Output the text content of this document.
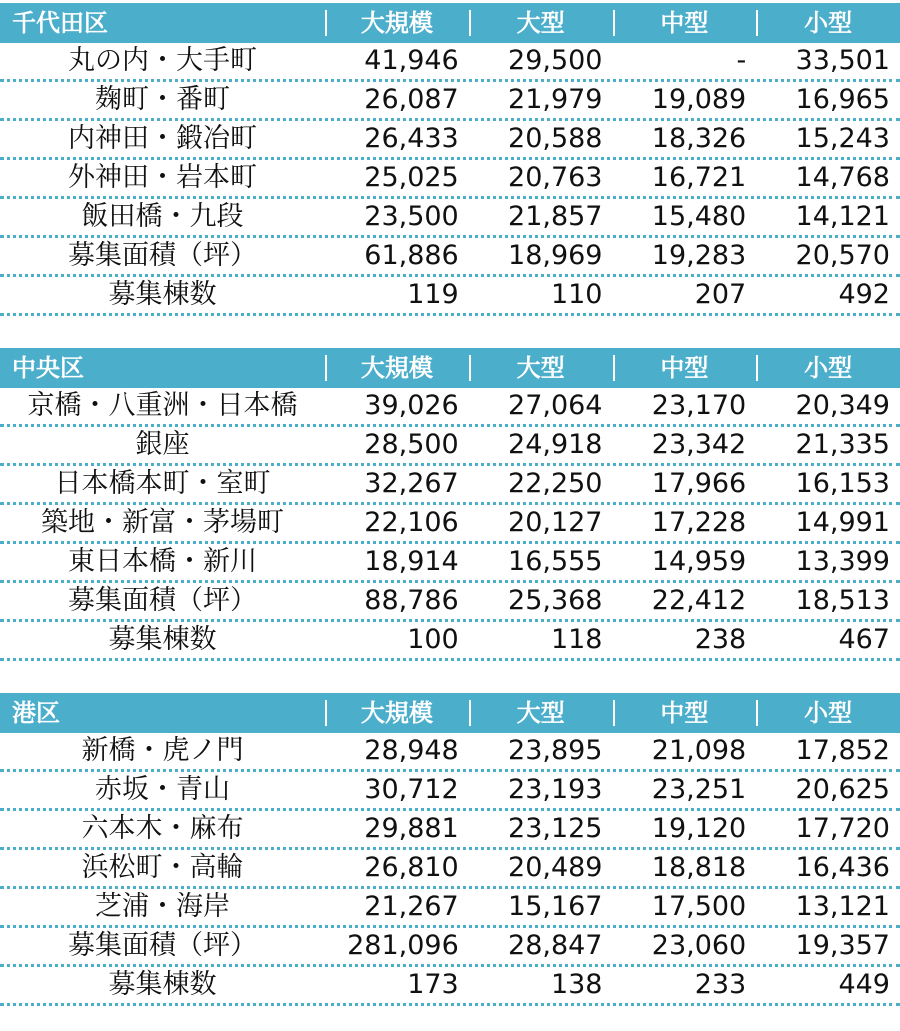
千代田区	大規模	大型	中型	小型
丸の内・大手町	41,946	29,500	-	33,501
麹町・番町	26,087	21,979	19,089	16,965
内神田・鍛冶町	26,433	20,588	18,326	15,243
外神田・岩本町	25,025	20,763	16,721	14,768
飯田橋・九段	23,500	21,857	15,480	14,121
募集面積（坪）	61,886	18,969	19,283	20,570
募集棟数	119	110	207	492
中央区	大規模	大型	中型	小型
京橋・八重洲・日本橋	39,026	27,064	23,170	20,349
銀座	28,500	24,918	23,342	21,335
日本橋本町・室町	32,267	22,250	17,966	16,153
築地・新富・茅場町	22,106	20,127	17,228	14,991
東日本橋・新川	18,914	16,555	14,959	13,399
募集面積（坪）	88,786	25,368	22,412	18,513
募集棟数	100	118	238	467
港区	大規模	大型	中型	小型
新橋・虎ノ門	28,948	23,895	21,098	17,852
赤坂・青山	30,712	23,193	23,251	20,625
六本木・麻布	29,881	23,125	19,120	17,720
浜松町・高輪	26,810	20,489	18,818	16,436
芝浦・海岸	21,267	15,167	17,500	13,121
募集面積（坪）	281,096	28,847	23,060	19,357
募集棟数	173	138	233	449
